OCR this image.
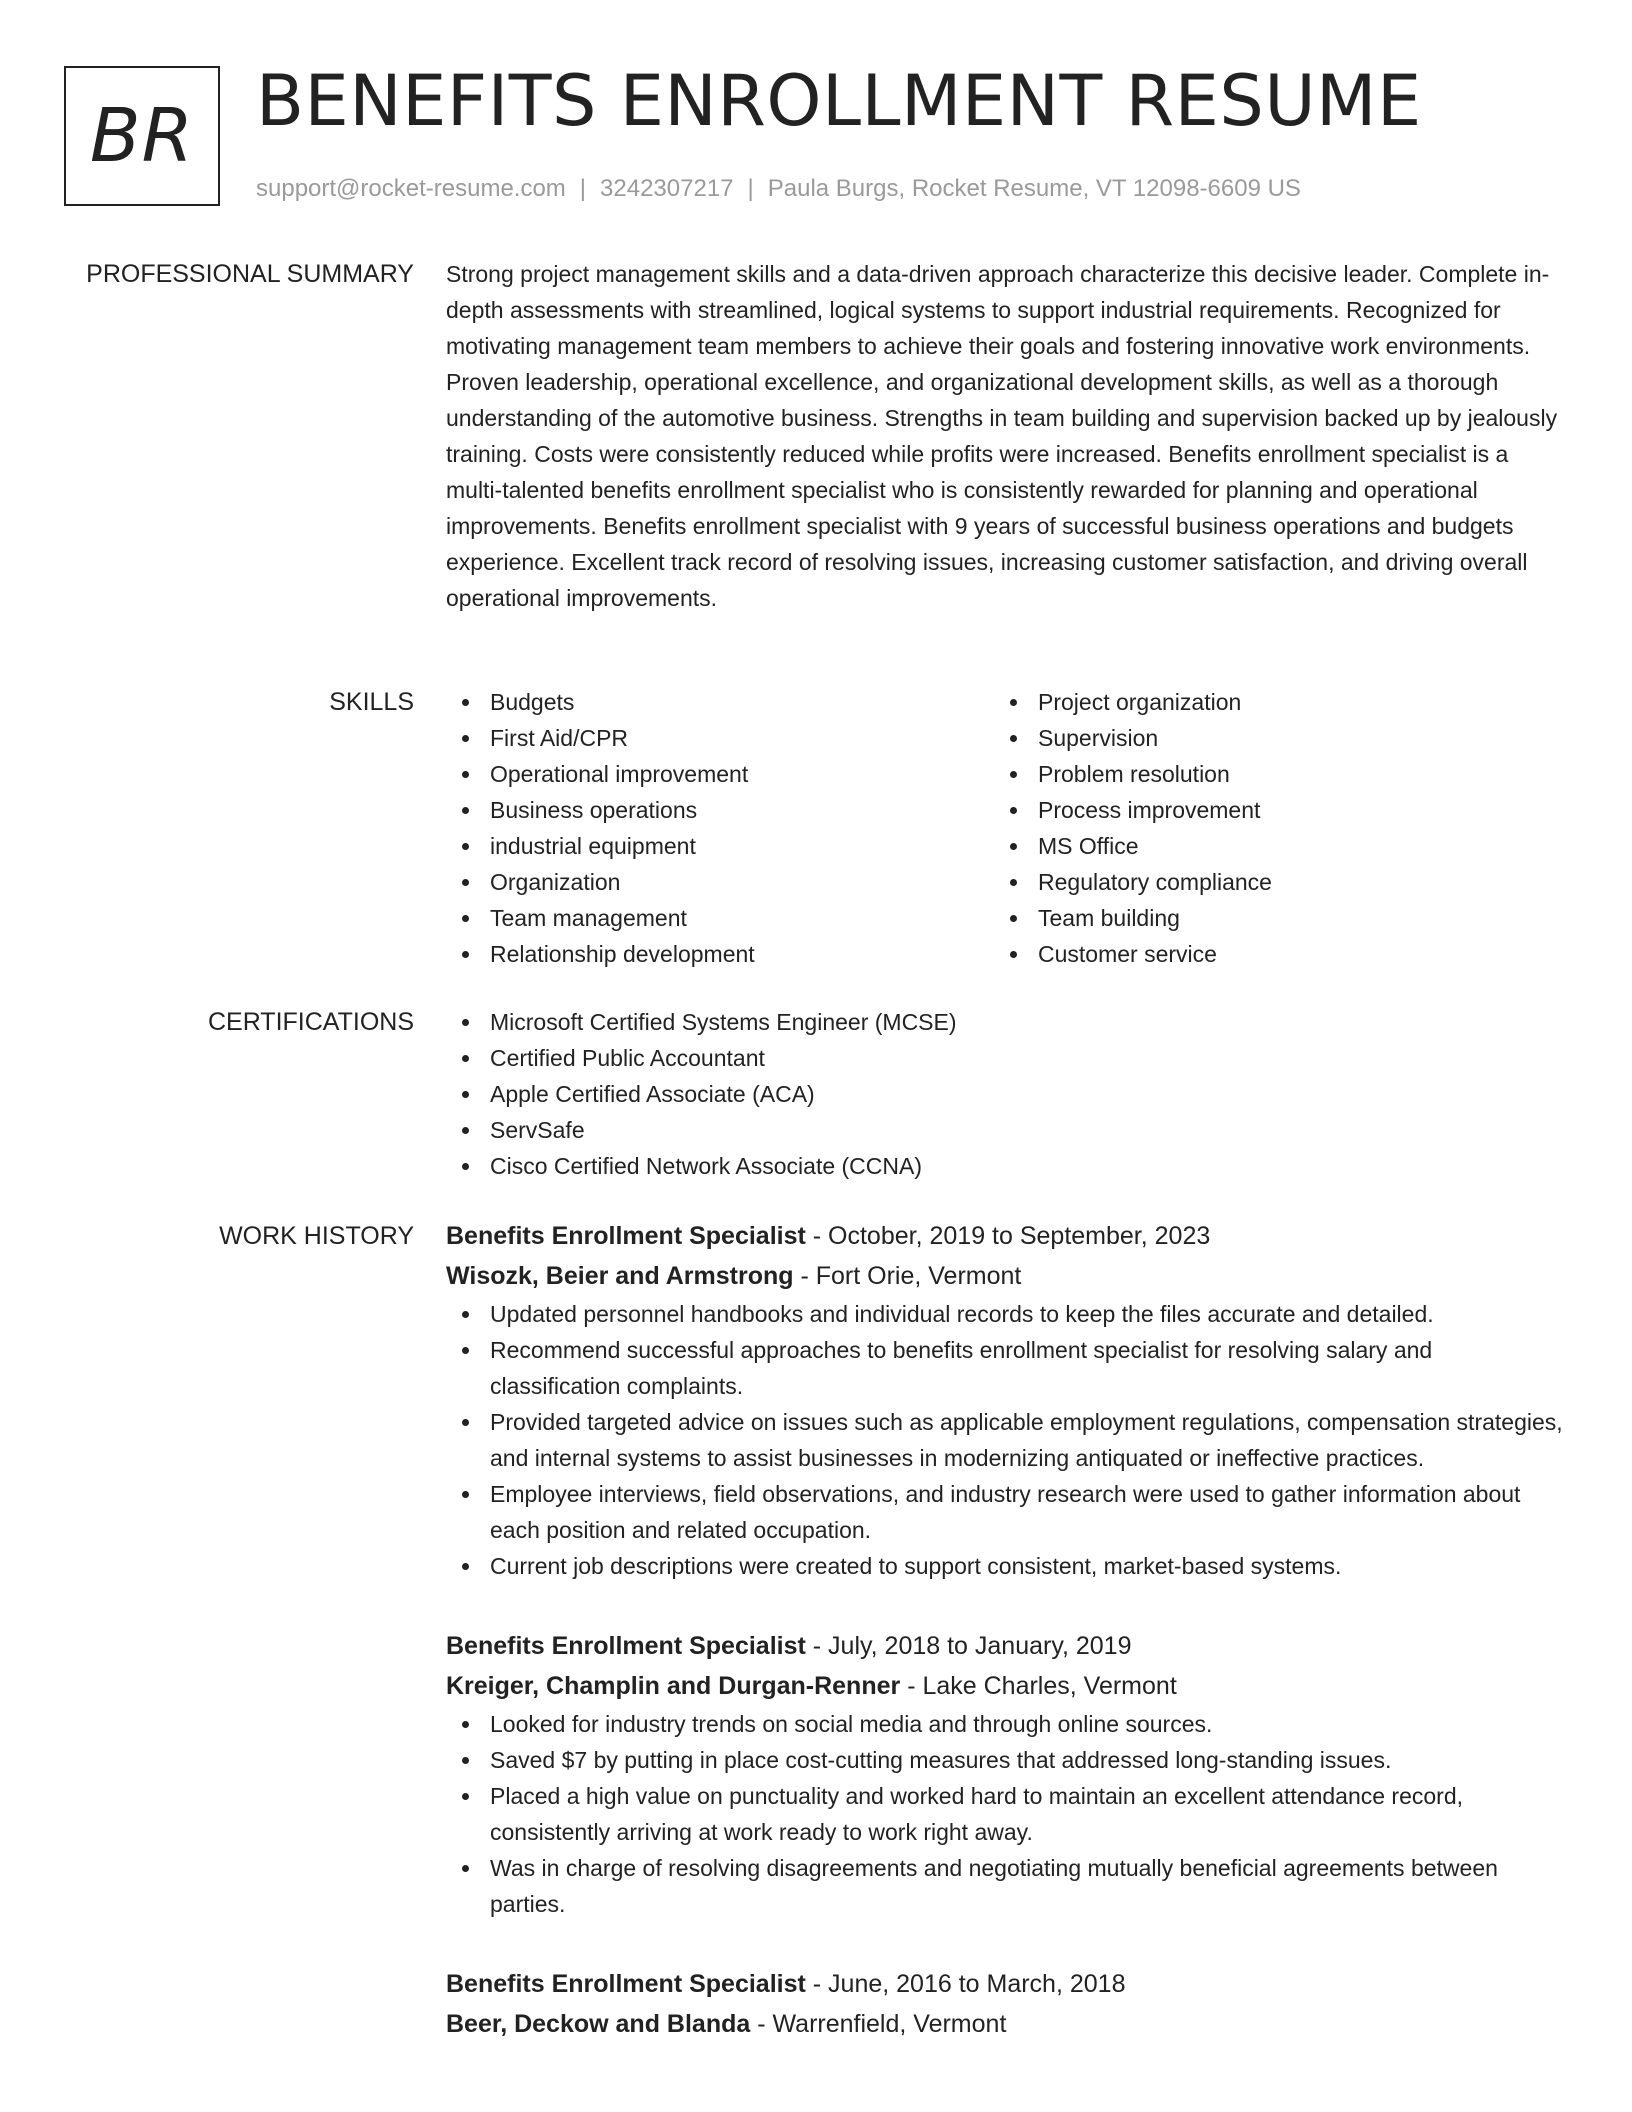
BR BENEFITS ENROLLMENT RESUME
support@rocket-resume.com | 3242307217 | Paula Burgs, Rocket Resume, VT 12098-6609 US
PROFESSIONAL SUMMARY Strong project management skills and a data-driven approach characterize this decisive leader. Complete in-depth assessments with streamlined, logical systems to support industrial requirements. Recognized for motivating management team members to achieve their goals and fostering innovative work environments. Proven leadership, operational excellence, and organizational development skills, as well as a thorough understanding of the automotive business. Strengths in team building and supervision backed up by jealously training. Costs were consistently reduced while profits were increased. Benefits enrollment specialist is a multi-talented benefits enrollment specialist who is consistently rewarded for planning and operational improvements. Benefits enrollment specialist with 9 years of successful business operations and budgets experience. Excellent track record of resolving issues, increasing customer satisfaction, and driving overall operational improvements.

SKILLS	Budgets
First Aid/CPR
Operational improvement
Business operations
industrial equipment
Organization
Team management
Relationship development
Project organization
Supervision
Problem resolution
Process improvement
MS Office
Regulatory compliance
Team building
Customer service
CERTIFICATIONS	Microsoft Certified Systems Engineer (MCSE)
Certified Public Accountant
Apple Certified Associate (ACA)
ServSafe
Cisco Certified Network Associate (CCNA)
WORK HISTORY Benefits Enrollment Specialist - October, 2019 to September, 2023
Wisozk, Beier and Armstrong - Fort Orie, Vermont
Updated personnel handbooks and individual records to keep the files accurate and detailed.
Recommend successful approaches to benefits enrollment specialist for resolving salary and classification complaints.
Provided targeted advice on issues such as applicable employment regulations, compensation strategies, and internal systems to assist businesses in modernizing antiquated or ineffective practices.
Employee interviews, field observations, and industry research were used to gather information about each position and related occupation.
Current job descriptions were created to support consistent, market-based systems.
Benefits Enrollment Specialist - July, 2018 to January, 2019
Kreiger, Champlin and Durgan-Renner - Lake Charles, Vermont
Looked for industry trends on social media and through online sources.
Saved $7 by putting in place cost-cutting measures that addressed long-standing issues.
Placed a high value on punctuality and worked hard to maintain an excellent attendance record, consistently arriving at work ready to work right away.
Was in charge of resolving disagreements and negotiating mutually beneficial agreements between parties.
Benefits Enrollment Specialist - June, 2016 to March, 2018
Beer, Deckow and Blanda - Warrenfield, Vermont
